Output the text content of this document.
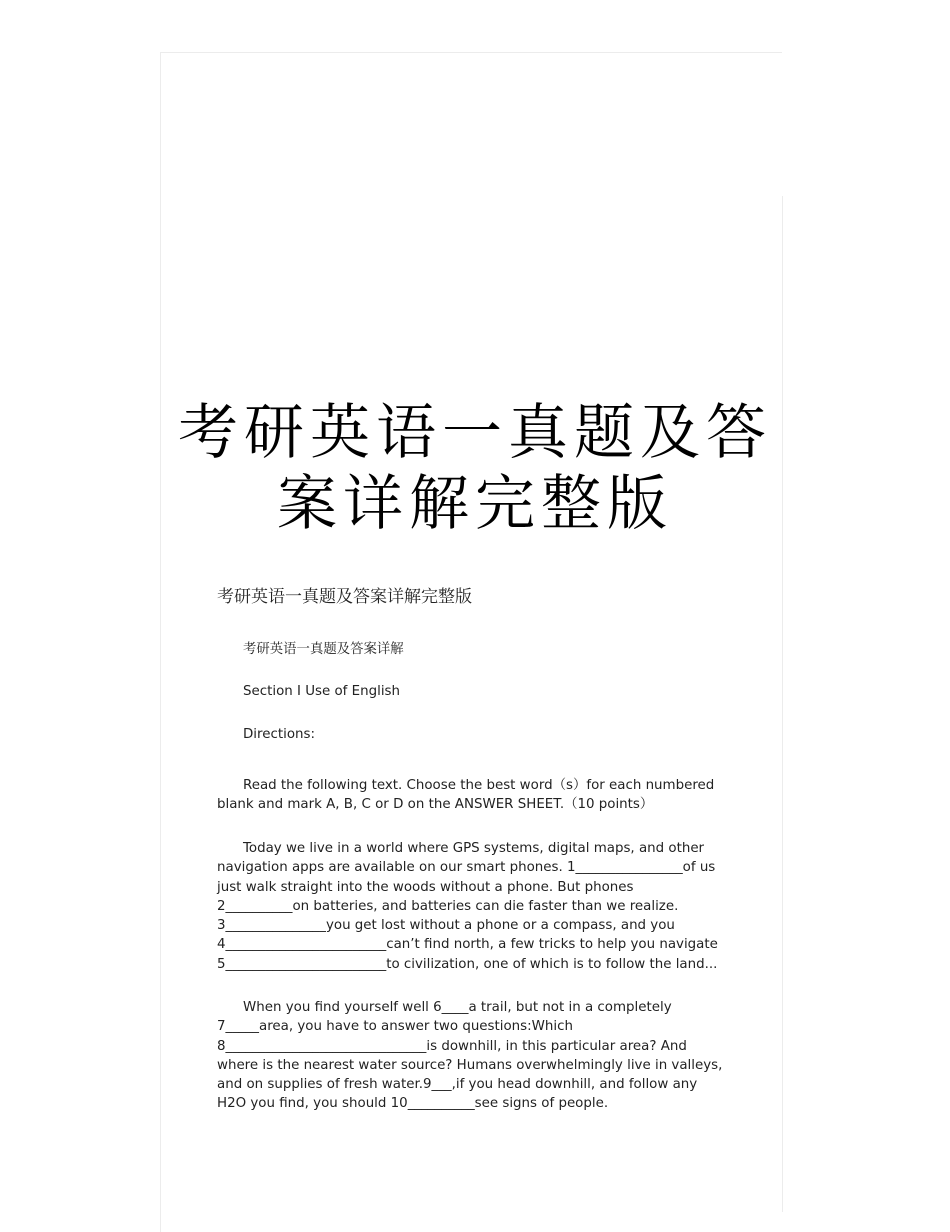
考研英语一真题及答案详解完整版
考研英语一真题及答案详解完整版

考研英语一真题及答案详解

Section Ⅰ Use of English

Directions:

Read the following text. Choose the best word（s）for each numbered blank and mark A, B, C or D on the ANSWER SHEET.（10 points）

Today we live in a world where GPS systems, digital maps, and other navigation apps are available on our smart phones. 1________________of us just walk straight into the woods without a phone. But phones 2__________on batteries, and batteries can die faster than we realize. 3_______________you get lost without a phone or a compass, and you 4________________________can’t find north, a few tricks to help you navigate 5________________________to civilization, one of which is to follow the land...

When you find yourself well 6____a trail, but not in a completely 7_____area, you have to answer two questions:Which 8______________________________is downhill, in this particular area? And where is the nearest water source? Humans overwhelmingly live in valleys, and on supplies of fresh water.9___,if you head downhill, and follow any H2O you find, you should 10__________see signs of people.
